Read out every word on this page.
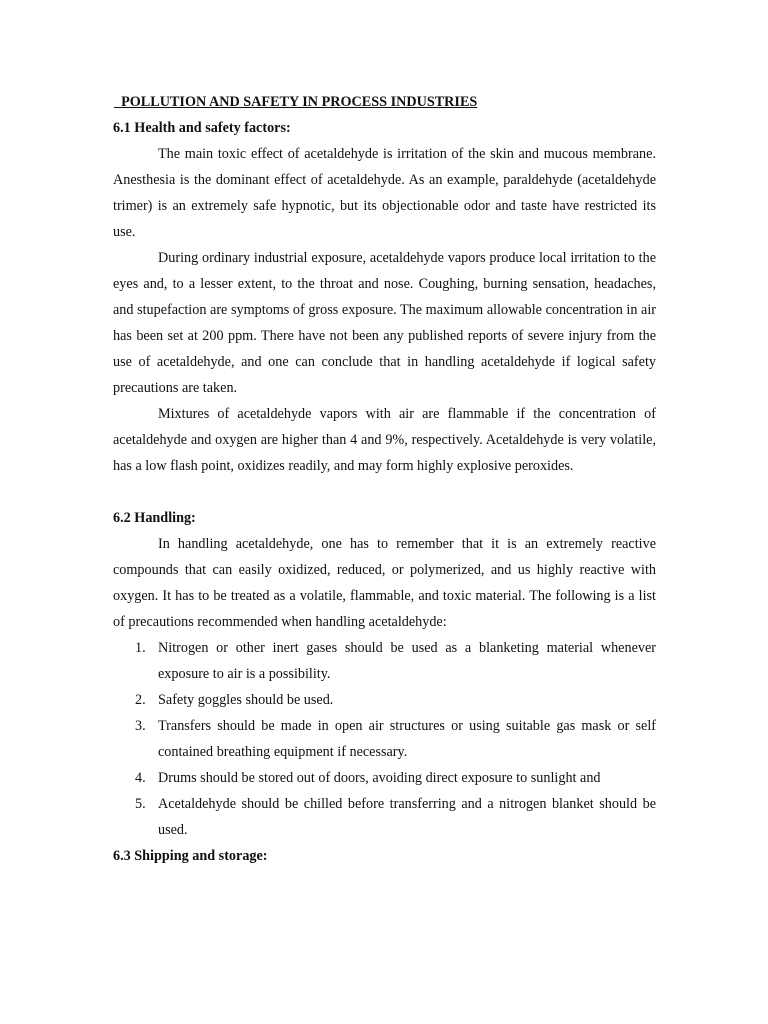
POLLUTION AND SAFETY IN PROCESS INDUSTRIES
6.1 Health and safety factors:

The main toxic effect of acetaldehyde is irritation of the skin and mucous membrane. Anesthesia is the dominant effect of acetaldehyde. As an example, paraldehyde (acetaldehyde trimer) is an extremely safe hypnotic, but its objectionable odor and taste have restricted its use.

During ordinary industrial exposure, acetaldehyde vapors produce local irritation to the eyes and, to a lesser extent, to the throat and nose. Coughing, burning sensation, headaches, and stupefaction are symptoms of gross exposure. The maximum allowable concentration in air has been set at 200 ppm. There have not been any published reports of severe injury from the use of acetaldehyde, and one can conclude that in handling acetaldehyde if logical safety precautions are taken.

Mixtures of acetaldehyde vapors with air are flammable if the concentration of acetaldehyde and oxygen are higher than 4 and 9%, respectively. Acetaldehyde is very volatile, has a low flash point, oxidizes readily, and may form highly explosive peroxides.

6.2 Handling:

In handling acetaldehyde, one has to remember that it is an extremely reactive compounds that can easily oxidized, reduced, or polymerized, and us highly reactive with oxygen. It has to be treated as a volatile, flammable, and toxic material. The following is a list of precautions recommended when handling acetaldehyde:

1. Nitrogen or other inert gases should be used as a blanketing material whenever exposure to air is a possibility.
2. Safety goggles should be used.
3. Transfers should be made in open air structures or using suitable gas mask or self contained breathing equipment if necessary.
4. Drums should be stored out of doors, avoiding direct exposure to sunlight and
5. Acetaldehyde should be chilled before transferring and a nitrogen blanket should be used.
6.3 Shipping and storage:
